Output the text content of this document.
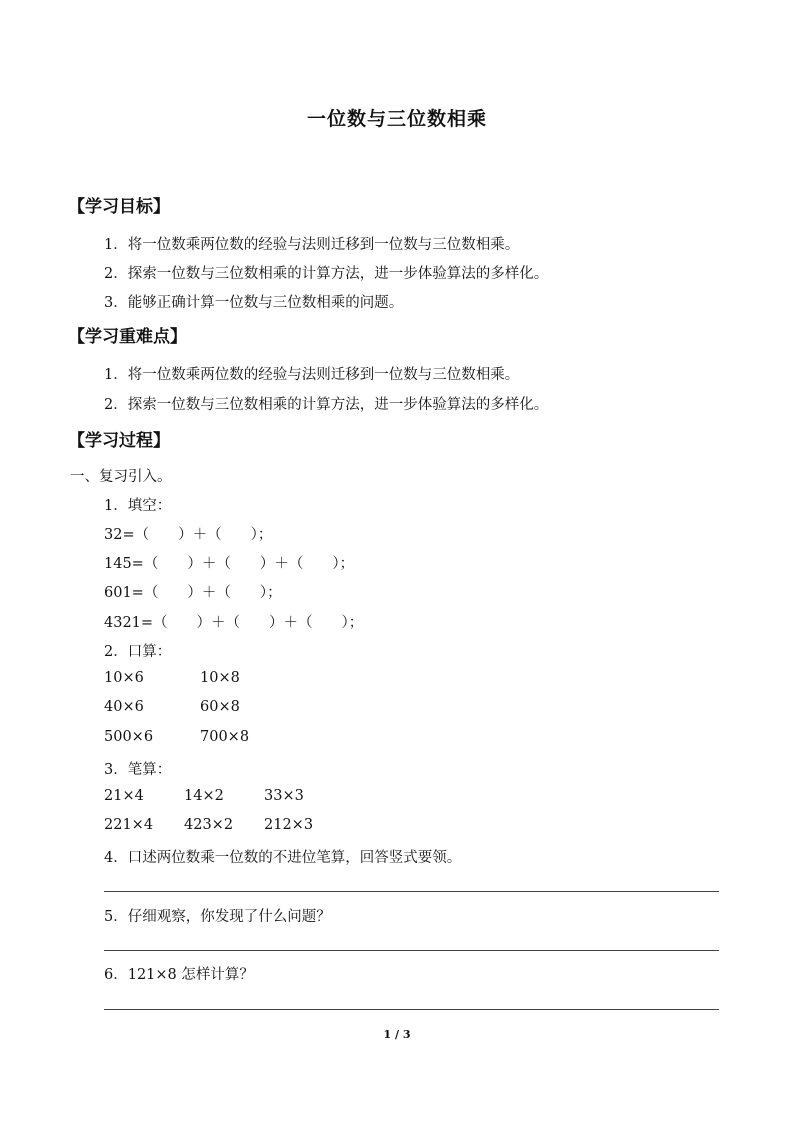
一位数与三位数相乘
【学习目标】
1．将一位数乘两位数的经验与法则迁移到一位数与三位数相乘。
2．探索一位数与三位数相乘的计算方法，进一步体验算法的多样化。
3．能够正确计算一位数与三位数相乘的问题。
【学习重难点】
1．将一位数乘两位数的经验与法则迁移到一位数与三位数相乘。
2．探索一位数与三位数相乘的计算方法，进一步体验算法的多样化。
【学习过程】
一、复习引入。
1．填空：
32=（　　）＋（　　）；
145=（　　）＋（　　）＋（　　）；
601=（　　）＋（　　）；
4321=（　　）＋（　　）＋（　　）；
2．口算：
10×6	10×8
40×6	60×8
500×6	700×8
3．笔算：
21×4	14×2	33×3
221×4 423×2 212×3
4．口述两位数乘一位数的不进位笔算，回答竖式要领。
5．仔细观察，你发现了什么问题？
6．121×8 怎样计算？
1 / 3
